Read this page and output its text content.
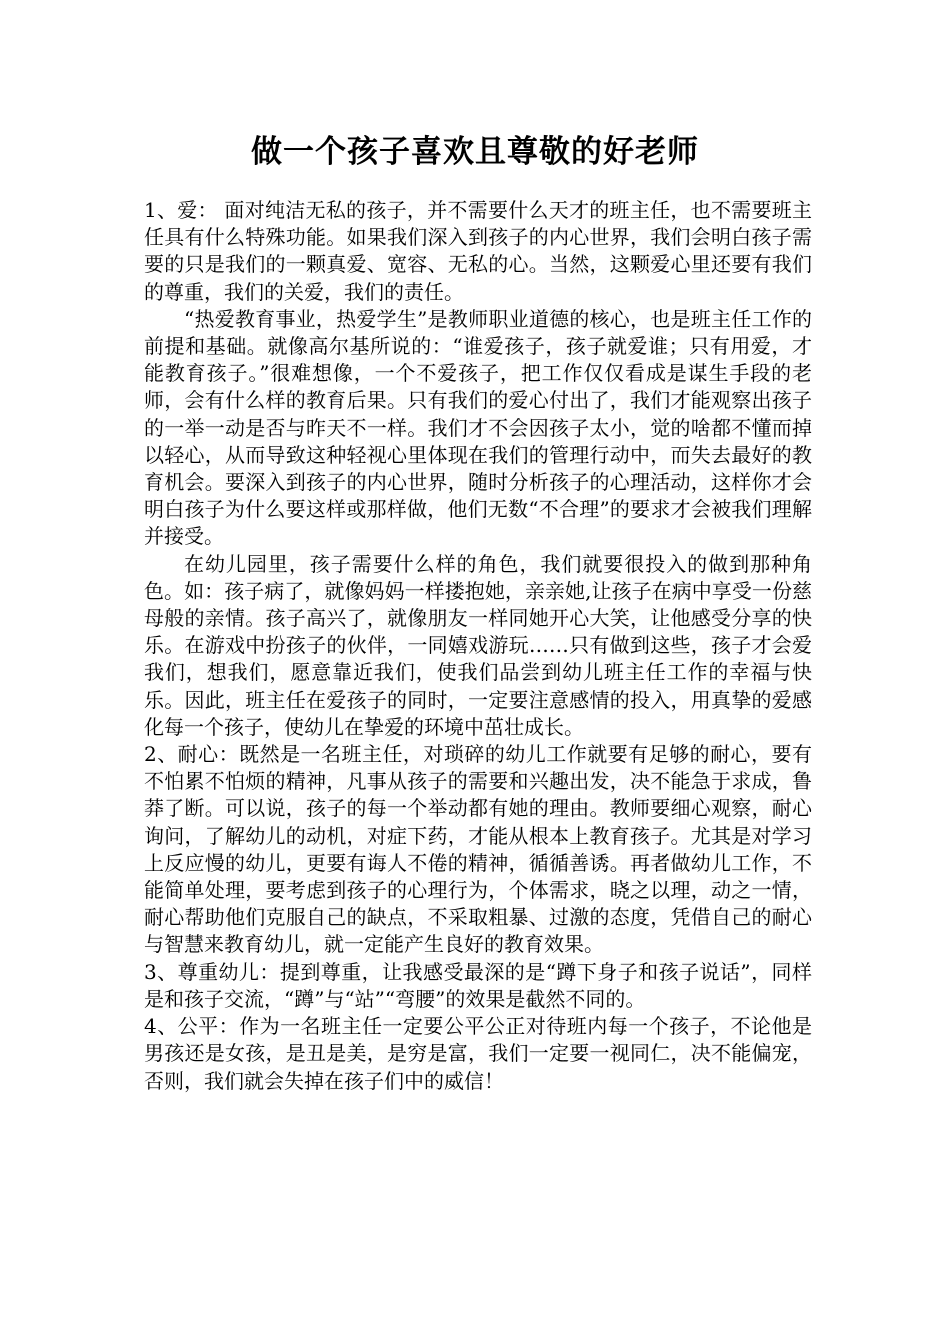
做一个孩子喜欢且尊敬的好老师

1、爱： 面对纯洁无私的孩子，并不需要什么天才的班主任，也不需要班主任具有什么特殊功能。如果我们深入到孩子的内心世界，我们会明白孩子需要的只是我们的一颗真爱、宽容、无私的心。当然，这颗爱心里还要有我们的尊重，我们的关爱，我们的责任。

“热爱教育事业，热爱学生”是教师职业道德的核心，也是班主任工作的前提和基础。就像高尔基所说的：“谁爱孩子，孩子就爱谁；只有用爱，才能教育孩子。”很难想像，一个不爱孩子，把工作仅仅看成是谋生手段的老师，会有什么样的教育后果。只有我们的爱心付出了，我们才能观察出孩子的一举一动是否与昨天不一样。我们才不会因孩子太小，觉的啥都不懂而掉以轻心，从而导致这种轻视心里体现在我们的管理行动中，而失去最好的教育机会。要深入到孩子的内心世界，随时分析孩子的心理活动，这样你才会明白孩子为什么要这样或那样做，他们无数“不合理”的要求才会被我们理解并接受。

在幼儿园里，孩子需要什么样的角色，我们就要很投入的做到那种角色。如：孩子病了，就像妈妈一样搂抱她，亲亲她,让孩子在病中享受一份慈母般的亲情。孩子高兴了，就像朋友一样同她开心大笑，让他感受分享的快乐。在游戏中扮孩子的伙伴，一同嬉戏游玩……只有做到这些，孩子才会爱我们，想我们，愿意靠近我们，使我们品尝到幼儿班主任工作的幸福与快乐。因此，班主任在爱孩子的同时，一定要注意感情的投入，用真挚的爱感化每一个孩子，使幼儿在挚爱的环境中茁壮成长。

2、耐心：既然是一名班主任，对琐碎的幼儿工作就要有足够的耐心，要有不怕累不怕烦的精神，凡事从孩子的需要和兴趣出发，决不能急于求成，鲁莽了断。可以说，孩子的每一个举动都有她的理由。教师要细心观察，耐心询问，了解幼儿的动机，对症下药，才能从根本上教育孩子。尤其是对学习上反应慢的幼儿，更要有诲人不倦的精神，循循善诱。再者做幼儿工作，不能简单处理，要考虑到孩子的心理行为，个体需求，晓之以理，动之一情，耐心帮助他们克服自己的缺点，不采取粗暴、过激的态度，凭借自己的耐心与智慧来教育幼儿，就一定能产生良好的教育效果。

3、尊重幼儿：提到尊重，让我感受最深的是“蹲下身子和孩子说话”，同样是和孩子交流，“蹲”与“站”“弯腰”的效果是截然不同的。

4、公平：作为一名班主任一定要公平公正对待班内每一个孩子，不论他是男孩还是女孩，是丑是美，是穷是富，我们一定要一视同仁，决不能偏宠，否则，我们就会失掉在孩子们中的威信！
